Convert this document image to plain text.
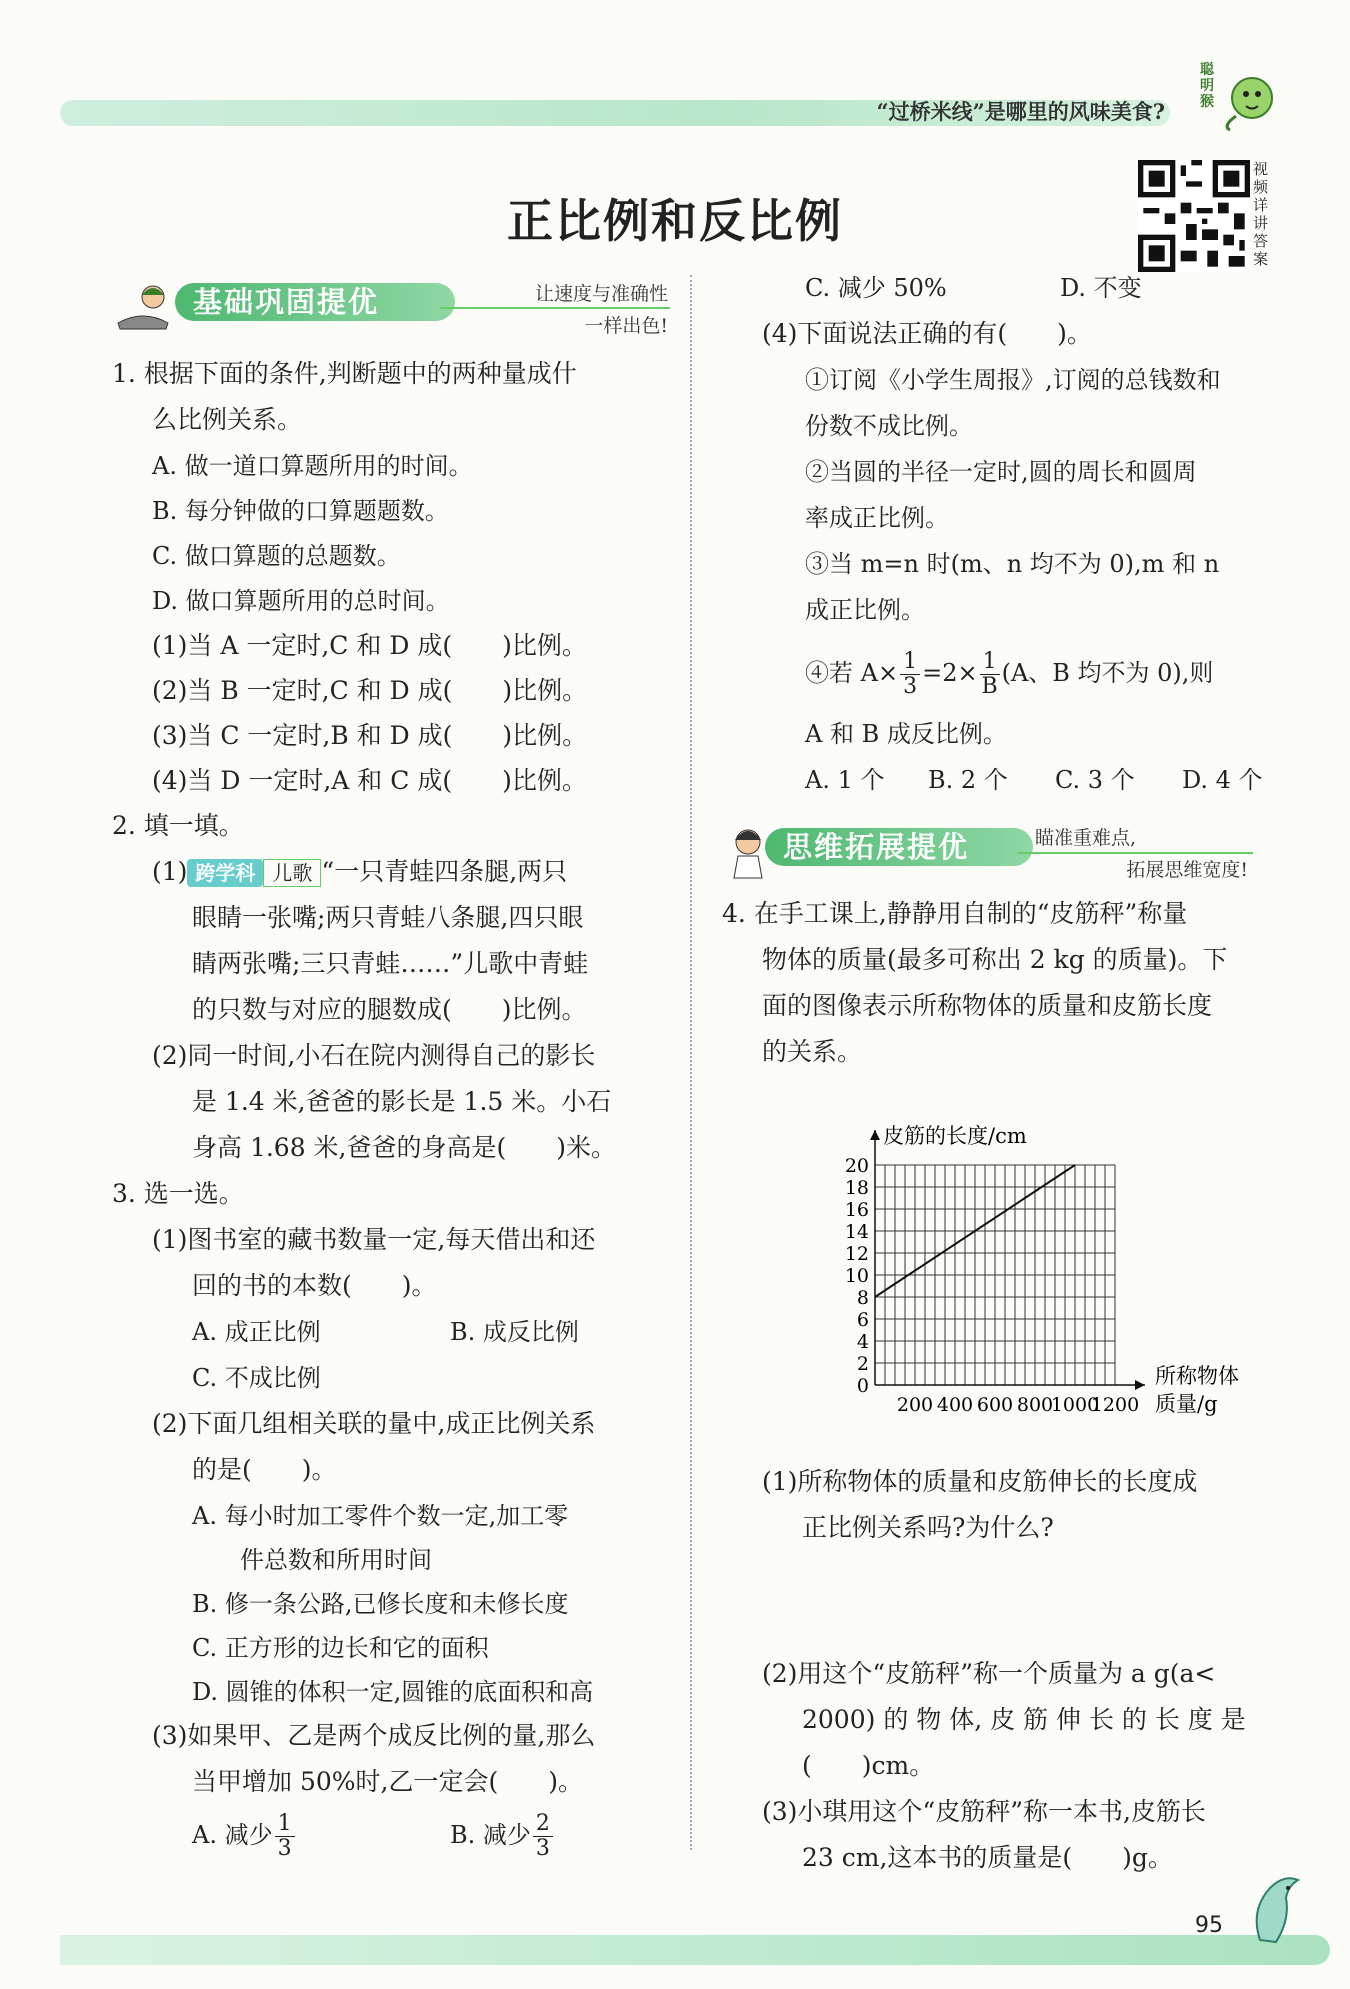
“过桥米线”是哪里的风味美食?
聪明猴
正比例和反比例
视频详讲答案
基础巩固提优	让速度与准确性
一样出色!
1. 根据下面的条件,判断题中的两种量成什
么比例关系。
A. 做一道口算题所用的时间。
B. 每分钟做的口算题题数。
C. 做口算题的总题数。
D. 做口算题所用的总时间。
(1)当 A 一定时,C 和 D 成(　　)比例。
(2)当 B 一定时,C 和 D 成(　　)比例。
(3)当 C 一定时,B 和 D 成(　　)比例。
(4)当 D 一定时,A 和 C 成(　　)比例。
2. 填一填。
(1) 跨学科 儿歌 “一只青蛙四条腿,两只
眼睛一张嘴;两只青蛙八条腿,四只眼
睛两张嘴;三只青蛙……”儿歌中青蛙
的只数与对应的腿数成(　　)比例。
(2)同一时间,小石在院内测得自己的影长
是 1.4 米,爸爸的影长是 1.5 米。小石
身高 1.68 米,爸爸的身高是(　　)米。
3. 选一选。
(1)图书室的藏书数量一定,每天借出和还
回的书的本数(　　)。
A. 成正比例	B. 成反比例
C. 不成比例
(2)下面几组相关联的量中,成正比例关系
的是(　　)。
A. 每小时加工零件个数一定,加工零
件总数和所用时间
B. 修一条公路,已修长度和未修长度
C. 正方形的边长和它的面积
D. 圆锥的体积一定,圆锥的底面积和高
(3)如果甲、乙是两个成反比例的量,那么
当甲增加 50%时,乙一定会(　　)。
A. 减少 $\frac{1}{3}$	B. 减少 $\frac{2}{3}$
C. 减少 50%	D. 不变
(4)下面说法正确的有(　　)。
①订阅《小学生周报》,订阅的总钱数和
份数不成比例。
②当圆的半径一定时,圆的周长和圆周
率成正比例。
③当 m=n 时(m、n 均不为 0),m 和 n
成正比例。
④若 $A\times \frac{1}{3} =2\times \frac{1}{B} (A$、B 均不为 0),则
A 和 B 成反比例。
A. 1 个 B. 2 个 C. 3 个 D. 4 个
思维拓展提优	瞄准重难点,
拓展思维宽度!
4. 在手工课上,静静用自制的“皮筋秤”称量
物体的质量(最多可称出 2 kg 的质量)。下
面的图像表示所称物体的质量和皮筋长度
的关系。
0
2
4
6
8
10
12
14
16
18
20
200 400 600 800
1000
1200
皮筋的长度/cm
所称物体
质量/g
(1)所称物体的质量和皮筋伸长的长度成
正比例关系吗?为什么?
(2)用这个“皮筋秤”称一个质量为 a g(a<
2000) 的 物 体, 皮 筋 伸 长 的 长 度 是
(　　)cm。
(3)小琪用这个“皮筋秤”称一本书,皮筋长
23 cm,这本书的质量是(　　)g。
95
